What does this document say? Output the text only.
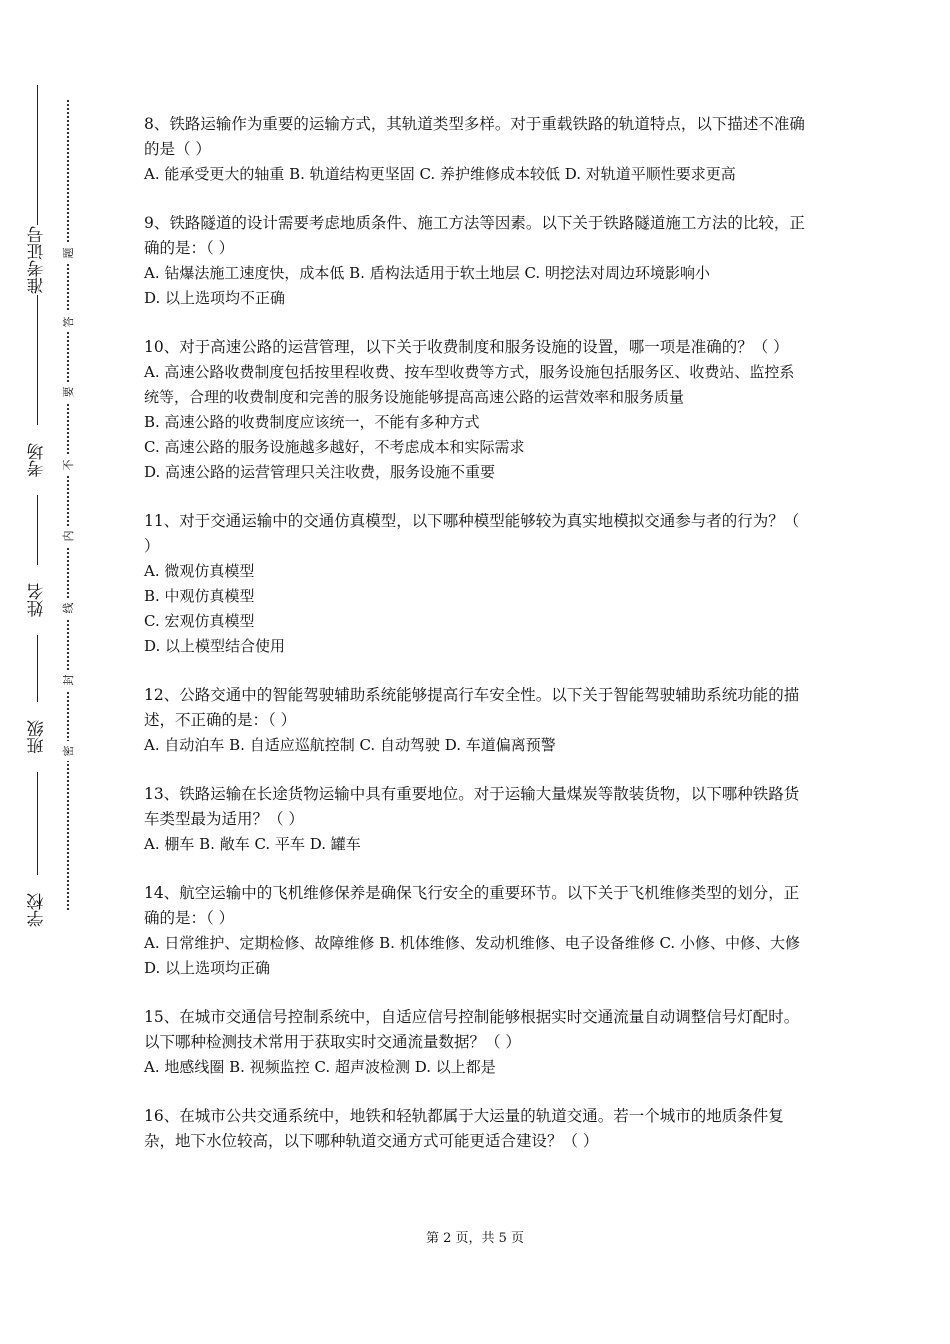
准考证号
考场
姓名
班级
学校
题
答
要
不
内
线
封
密

8、铁路运输作为重要的运输方式，其轨道类型多样。对于重载铁路的轨道特点，以下描述不准确的是（ ）

A. 能承受更大的轴重 B. 轨道结构更坚固 C. 养护维修成本较低 D. 对轨道平顺性要求更高

9、铁路隧道的设计需要考虑地质条件、施工方法等因素。以下关于铁路隧道施工方法的比较，正确的是：（ ）

A. 钻爆法施工速度快，成本低 B. 盾构法适用于软土地层 C. 明挖法对周边环境影响小

D. 以上选项均不正确

10、对于高速公路的运营管理，以下关于收费制度和服务设施的设置，哪一项是准确的？（ ）

A. 高速公路收费制度包括按里程收费、按车型收费等方式，服务设施包括服务区、收费站、监控系统等，合理的收费制度和完善的服务设施能够提高高速公路的运营效率和服务质量

B. 高速公路的收费制度应该统一，不能有多种方式

C. 高速公路的服务设施越多越好，不考虑成本和实际需求

D. 高速公路的运营管理只关注收费，服务设施不重要

11、对于交通运输中的交通仿真模型，以下哪种模型能够较为真实地模拟交通参与者的行为？（ ）

A. 微观仿真模型

B. 中观仿真模型

C. 宏观仿真模型

D. 以上模型结合使用

12、公路交通中的智能驾驶辅助系统能够提高行车安全性。以下关于智能驾驶辅助系统功能的描述，不正确的是：（ ）

A. 自动泊车 B. 自适应巡航控制 C. 自动驾驶 D. 车道偏离预警

13、铁路运输在长途货物运输中具有重要地位。对于运输大量煤炭等散装货物，以下哪种铁路货车类型最为适用？（ ）

A. 棚车 B. 敞车 C. 平车 D. 罐车

14、航空运输中的飞机维修保养是确保飞行安全的重要环节。以下关于飞机维修类型的划分，正确的是：（ ）

A. 日常维护、定期检修、故障维修 B. 机体维修、发动机维修、电子设备维修 C. 小修、中修、大修 D. 以上选项均正确

15、在城市交通信号控制系统中，自适应信号控制能够根据实时交通流量自动调整信号灯配时。以下哪种检测技术常用于获取实时交通流量数据？（ ）

A. 地感线圈 B. 视频监控 C. 超声波检测 D. 以上都是

16、在城市公共交通系统中，地铁和轻轨都属于大运量的轨道交通。若一个城市的地质条件复杂，地下水位较高，以下哪种轨道交通方式可能更适合建设？（ ）

第 2 页，共 5 页
